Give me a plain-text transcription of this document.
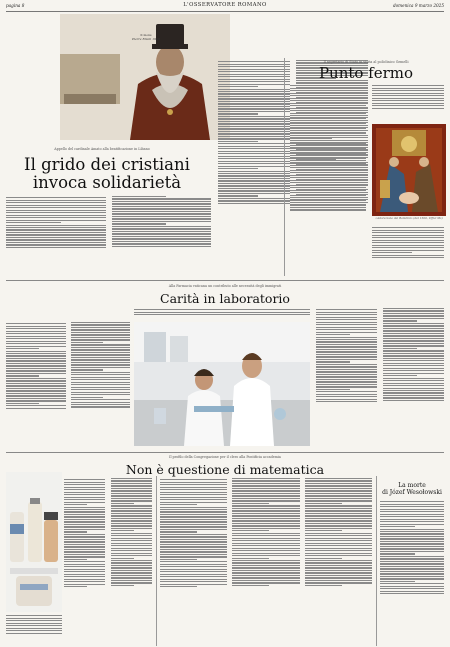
pagina 8	L'OSSERVATORE ROMANO	domenica 9 marzo 2025
Il mons
Pierre Elianl 1908
Appello del cardinale Amato alla beatificazione in Libano
Il grido dei cristiani
invoca solidarietà
Il segretario di Stato in visita al policlinico Gemelli
Punto fermo
«Adorazione dei Bambini» (del 1500, Uffici Mv)
Alla Farmacia vaticana un contributo alle necessità degli immigrati
Carità in laboratorio
Il profilo della Congregazione per il clero alla Pontificia accademia
Non è questione di matematica
La morte
di Józef Wesołowski
